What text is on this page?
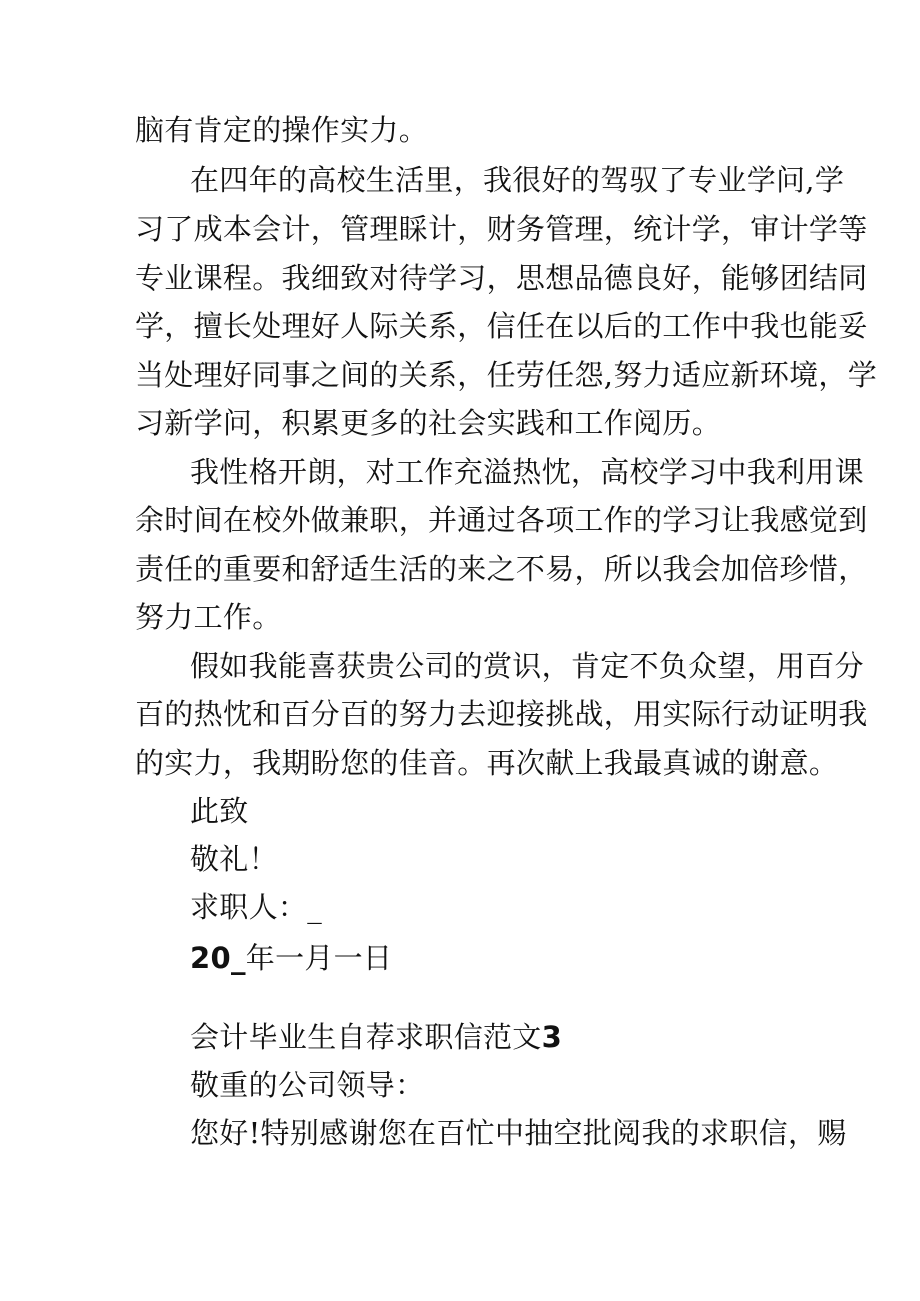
脑有肯定的操作实力。
在四年的高校生活里，我很好的驾驭了专业学问,学
习了成本会计，管理睬计，财务管理，统计学，审计学等
专业课程。我细致对待学习，思想品德良好，能够团结同
学，擅长处理好人际关系，信任在以后的工作中我也能妥
当处理好同事之间的关系，任劳任怨,努力适应新环境，学
习新学问，积累更多的社会实践和工作阅历。
我性格开朗，对工作充溢热忱，高校学习中我利用课
余时间在校外做兼职，并通过各项工作的学习让我感觉到
责任的重要和舒适生活的来之不易，所以我会加倍珍惜，
努力工作。
假如我能喜获贵公司的赏识，肯定不负众望，用百分
百的热忱和百分百的努力去迎接挑战，用实际行动证明我
的实力，我期盼您的佳音。再次献上我最真诚的谢意。
此致
敬礼！
求职人：_
20_年一月一日
会计毕业生自荐求职信范文3
敬重的公司领导：
您好!特别感谢您在百忙中抽空批阅我的求职信，赐
